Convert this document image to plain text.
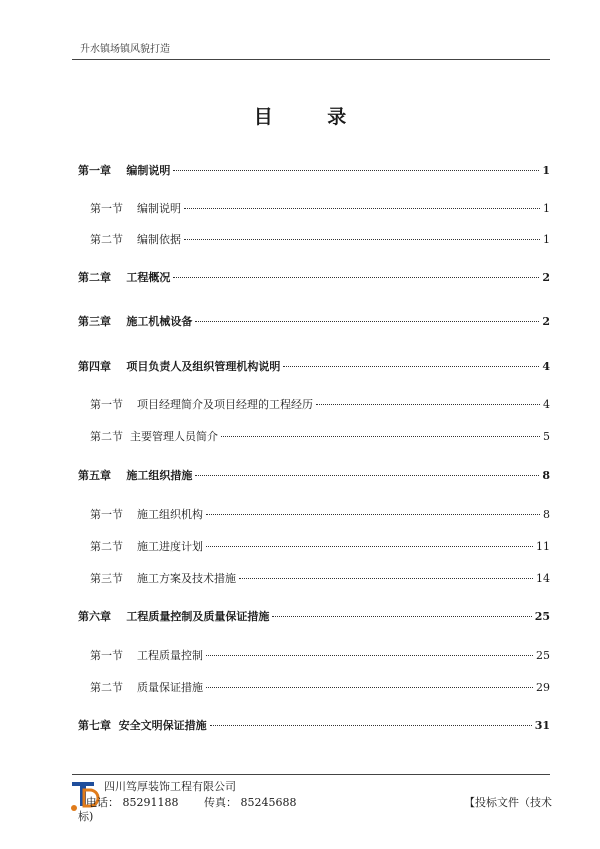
升水镇场镇风貌打造
目 录
第一章    编制说明	1
第一节    编制说明	1
第二节    编制依据	1
第二章    工程概况	2
第三章    施工机械设备	2
第四章    项目负责人及组织管理机构说明	4
第一节    项目经理简介及项目经理的工程经历	4
第二节  主要管理人员简介	5
第五章    施工组织措施	8
第一节    施工组织机构	8
第二节    施工进度计划	11
第三节    施工方案及技术措施	14
第六章    工程质量控制及质量保证措施	25
第一节    工程质量控制	25
第二节    质量保证措施	29
第七章  安全文明保证措施	31
四川笃厚装饰工程有限公司
电话： 85291188 传真： 85245688	【投标文件（技术
标)
